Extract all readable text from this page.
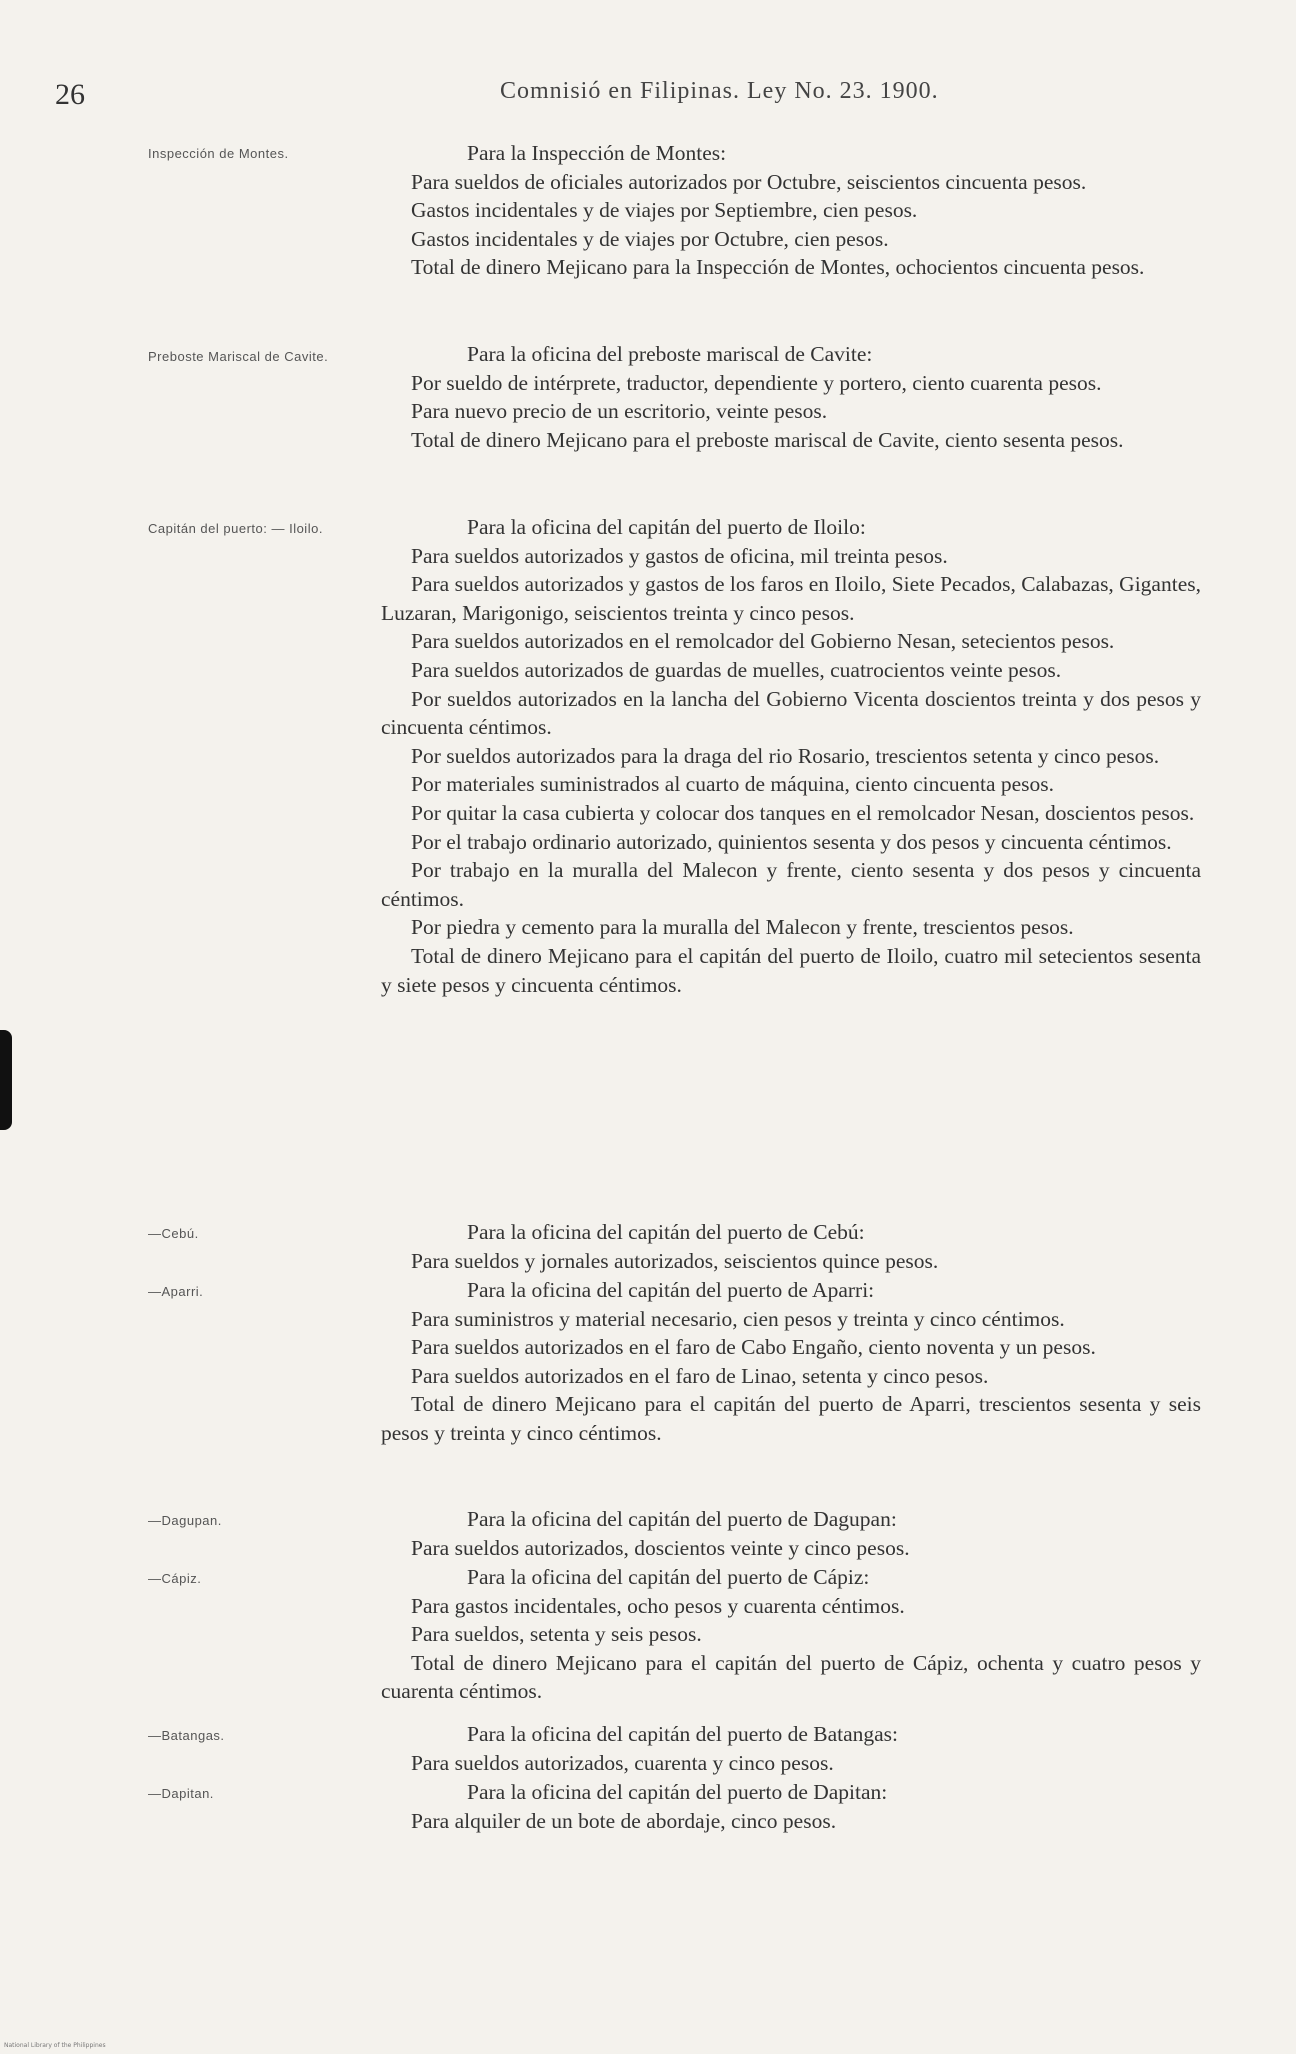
26	Comnisió en Filipinas. Ley No. 23. 1900.
Inspección de Montes.	Para la Inspección de Montes:

Para sueldos de oficiales autorizados por Octubre, seiscientos cincuenta pesos.

Gastos incidentales y de viajes por Septiembre, cien pesos.

Gastos incidentales y de viajes por Octubre, cien pesos.

Total de dinero Mejicano para la Inspección de Montes, ochocientos cincuenta pesos.

Preboste Mariscal de Cavite.	Para la oficina del preboste mariscal de Cavite:

Por sueldo de intérprete, traductor, dependiente y portero, ciento cuarenta pesos.

Para nuevo precio de un escritorio, veinte pesos.

Total de dinero Mejicano para el preboste mariscal de Cavite, ciento sesenta pesos.

Capitán del puerto: — Iloilo.	Para la oficina del capitán del puerto de Iloilo:

Para sueldos autorizados y gastos de oficina, mil treinta pesos.

Para sueldos autorizados y gastos de los faros en Iloilo, Siete Pecados, Calabazas, Gigantes, Luzaran, Marigonigo, seiscientos treinta y cinco pesos.

Para sueldos autorizados en el remolcador del Gobierno Nesan, setecientos pesos.

Para sueldos autorizados de guardas de muelles, cuatrocientos veinte pesos.

Por sueldos autorizados en la lancha del Gobierno Vicenta doscientos treinta y dos pesos y cincuenta céntimos.

Por sueldos autorizados para la draga del rio Rosario, trescientos setenta y cinco pesos.

Por materiales suministrados al cuarto de máquina, ciento cincuenta pesos.

Por quitar la casa cubierta y colocar dos tanques en el remolcador Nesan, doscientos pesos.

Por el trabajo ordinario autorizado, quinientos sesenta y dos pesos y cincuenta céntimos.

Por trabajo en la muralla del Malecon y frente, ciento sesenta y dos pesos y cincuenta céntimos.

Por piedra y cemento para la muralla del Malecon y frente, trescientos pesos.

Total de dinero Mejicano para el capitán del puerto de Iloilo, cuatro mil setecientos sesenta y siete pesos y cincuenta céntimos.

—Cebú.	Para la oficina del capitán del puerto de Cebú:

Para sueldos y jornales autorizados, seiscientos quince pesos.

—Aparri.	Para la oficina del capitán del puerto de Aparri:

Para suministros y material necesario, cien pesos y treinta y cinco céntimos.

Para sueldos autorizados en el faro de Cabo Engaño, ciento noventa y un pesos.

Para sueldos autorizados en el faro de Linao, setenta y cinco pesos.

Total de dinero Mejicano para el capitán del puerto de Aparri, trescientos sesenta y seis pesos y treinta y cinco céntimos.

—Dagupan.	Para la oficina del capitán del puerto de Dagupan:

Para sueldos autorizados, doscientos veinte y cinco pesos.

—Cápiz.	Para la oficina del capitán del puerto de Cápiz:

Para gastos incidentales, ocho pesos y cuarenta céntimos.

Para sueldos, setenta y seis pesos.

Total de dinero Mejicano para el capitán del puerto de Cápiz, ochenta y cuatro pesos y cuarenta céntimos.

—Batangas.	Para la oficina del capitán del puerto de Batangas:

Para sueldos autorizados, cuarenta y cinco pesos.

—Dapitan.	Para la oficina del capitán del puerto de Dapitan:

Para alquiler de un bote de abordaje, cinco pesos.

National Library of the Philippines
